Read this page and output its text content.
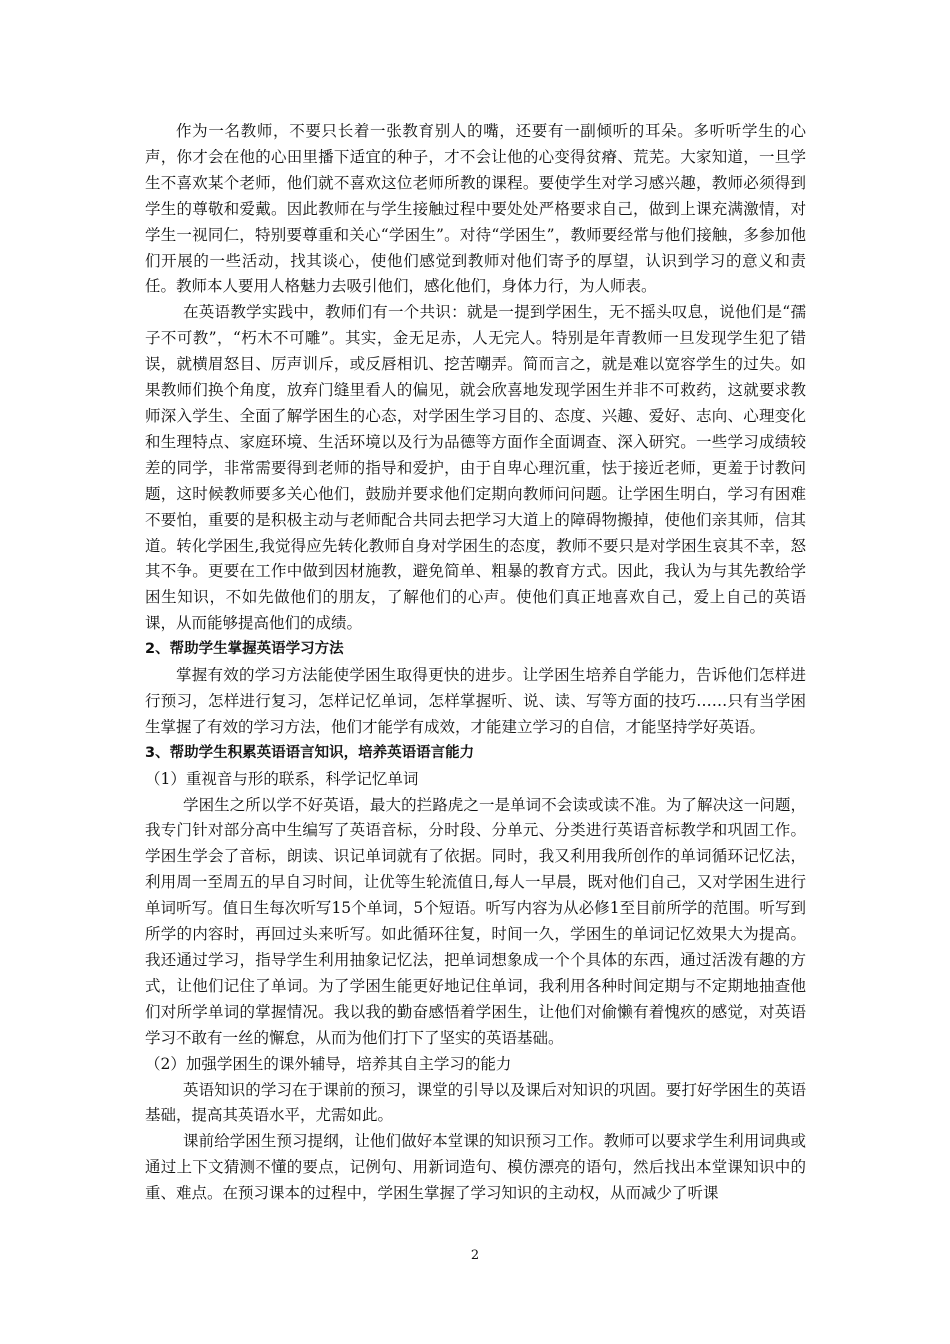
作为一名教师，不要只长着一张教育别人的嘴，还要有一副倾听的耳朵。多听听学生的心声，你才会在他的心田里播下适宜的种子，才不会让他的心变得贫瘠、荒芜。大家知道，一旦学生不喜欢某个老师，他们就不喜欢这位老师所教的课程。要使学生对学习感兴趣，教师必须得到学生的尊敬和爱戴。因此教师在与学生接触过程中要处处严格要求自己，做到上课充满激情，对学生一视同仁，特别要尊重和关心“学困生”。对待“学困生”，教师要经常与他们接触，多参加他们开展的一些活动，找其谈心，使他们感觉到教师对他们寄予的厚望，认识到学习的意义和责任。教师本人要用人格魅力去吸引他们，感化他们，身体力行，为人师表。

在英语教学实践中，教师们有一个共识：就是一提到学困生，无不摇头叹息，说他们是“孺子不可教”，“朽木不可雕”。其实，金无足赤，人无完人。特别是年青教师一旦发现学生犯了错误，就横眉怒目、厉声训斥，或反唇相讥、挖苦嘲弄。简而言之，就是难以宽容学生的过失。如果教师们换个角度，放弃门缝里看人的偏见，就会欣喜地发现学困生并非不可救药，这就要求教师深入学生、全面了解学困生的心态，对学困生学习目的、态度、兴趣、爱好、志向、心理变化和生理特点、家庭环境、生活环境以及行为品德等方面作全面调查、深入研究。一些学习成绩较差的同学，非常需要得到老师的指导和爱护，由于自卑心理沉重，怯于接近老师，更羞于讨教问题，这时候教师要多关心他们，鼓励并要求他们定期向教师问问题。让学困生明白，学习有困难不要怕，重要的是积极主动与老师配合共同去把学习大道上的障碍物搬掉，使他们亲其师，信其道。转化学困生,我觉得应先转化教师自身对学困生的态度，教师不要只是对学困生哀其不幸，怒其不争。更要在工作中做到因材施教，避免简单、粗暴的教育方式。因此，我认为与其先教给学困生知识，不如先做他们的朋友，了解他们的心声。使他们真正地喜欢自己，爱上自己的英语课，从而能够提高他们的成绩。

2、帮助学生掌握英语学习方法

掌握有效的学习方法能使学困生取得更快的进步。让学困生培养自学能力，告诉他们怎样进行预习，怎样进行复习，怎样记忆单词，怎样掌握听、说、读、写等方面的技巧……只有当学困生掌握了有效的学习方法，他们才能学有成效，才能建立学习的自信，才能坚持学好英语。

3、帮助学生积累英语语言知识，培养英语语言能力

（1）重视音与形的联系，科学记忆单词

学困生之所以学不好英语，最大的拦路虎之一是单词不会读或读不准。为了解决这一问题，我专门针对部分高中生编写了英语音标，分时段、分单元、分类进行英语音标教学和巩固工作。学困生学会了音标，朗读、识记单词就有了依据。同时，我又利用我所创作的单词循环记忆法，利用周一至周五的早自习时间，让优等生轮流值日,每人一早晨，既对他们自己，又对学困生进行单词听写。值日生每次听写15个单词，5个短语。听写内容为从必修1至目前所学的范围。听写到所学的内容时，再回过头来听写。如此循环往复，时间一久，学困生的单词记忆效果大为提高。我还通过学习，指导学生利用抽象记忆法，把单词想象成一个个具体的东西，通过活泼有趣的方式，让他们记住了单词。为了学困生能更好地记住单词，我利用各种时间定期与不定期地抽查他们对所学单词的掌握情况。我以我的勤奋感悟着学困生，让他们对偷懒有着愧疚的感觉，对英语学习不敢有一丝的懈怠，从而为他们打下了坚实的英语基础。

（2）加强学困生的课外辅导，培养其自主学习的能力

英语知识的学习在于课前的预习，课堂的引导以及课后对知识的巩固。要打好学困生的英语基础，提高其英语水平，尤需如此。

课前给学困生预习提纲，让他们做好本堂课的知识预习工作。教师可以要求学生利用词典或通过上下文猜测不懂的要点，记例句、用新词造句、模仿漂亮的语句，然后找出本堂课知识中的重、难点。在预习课本的过程中，学困生掌握了学习知识的主动权，从而减少了听课

2
